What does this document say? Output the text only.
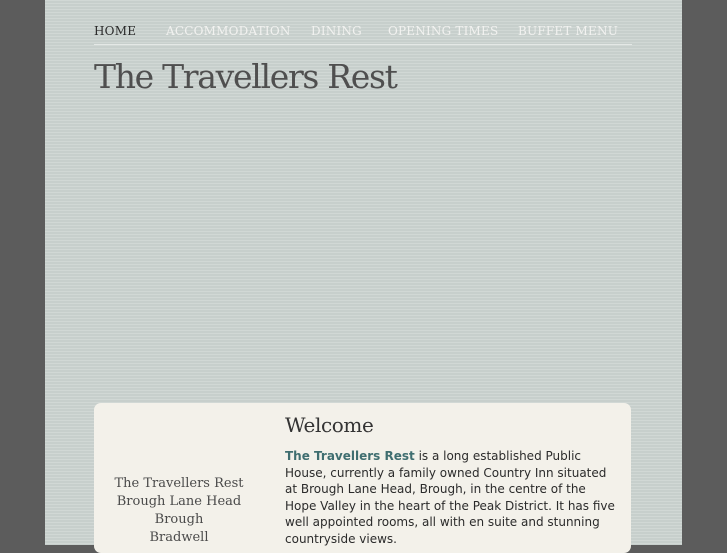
HOME ACCOMMODATION DINING OPENING TIMES BUFFET MENU
The Travellers Rest
The Travellers Rest
Brough Lane Head
Brough
Bradwell
Welcome

The Travellers Rest is a long established Public House, currently a family owned Country Inn situated at Brough Lane Head, Brough, in the centre of the Hope Valley in the heart of the Peak District. It has five well appointed rooms, all with en suite and stunning countryside views.
